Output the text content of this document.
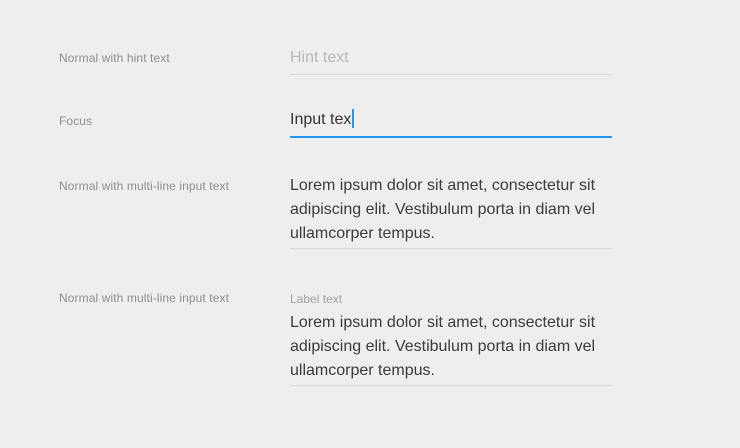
Normal with hint text	Hint text
Focus	Input tex
Normal with multi-line input text	Lorem ipsum dolor sit amet, consectetur sit
adipiscing elit. Vestibulum porta in diam vel
ullamcorper tempus.
Normal with multi-line input text	Label text
Lorem ipsum dolor sit amet, consectetur sit
adipiscing elit. Vestibulum porta in diam vel
ullamcorper tempus.
